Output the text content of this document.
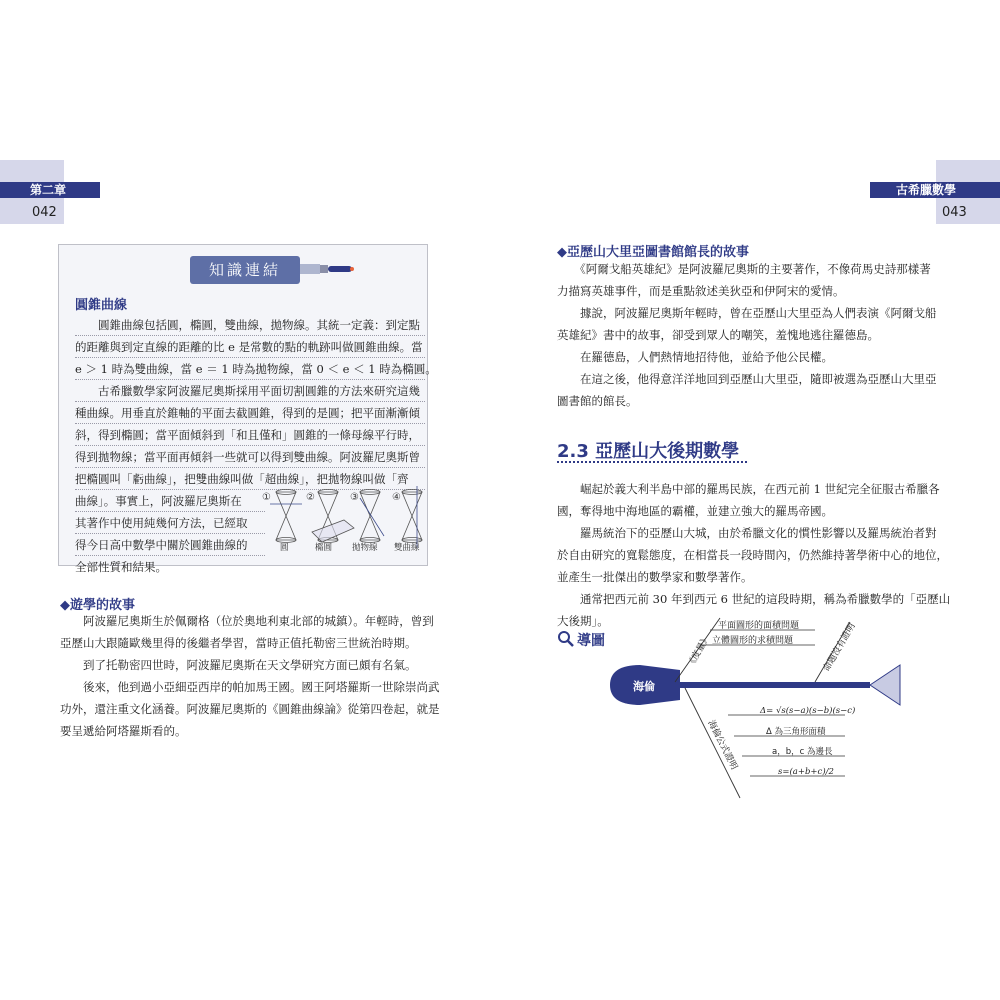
第二章
042
古希臘數學
043
知識連結
圓錐曲線
　　圓錐曲線包括圓，橢圓，雙曲線，拋物線。其統一定義：到定點
的距離與到定直線的距離的比 e 是常數的點的軌跡叫做圓錐曲線。當
e ＞ 1 時為雙曲線，當 e ＝ 1 時為拋物線，當 0 ＜ e ＜ 1 時為橢圓。
　　古希臘數學家阿波羅尼奧斯採用平面切割圓錐的方法來研究這幾
種曲線。用垂直於錐軸的平面去截圓錐，得到的是圓；把平面漸漸傾
斜，得到橢圓；當平面傾斜到「和且僅和」圓錐的一條母線平行時，
得到拋物線；當平面再傾斜一些就可以得到雙曲線。阿波羅尼奧斯曾
把橢圓叫「虧曲線」，把雙曲線叫做「超曲線」，把拋物線叫做「齊
曲線」。事實上，阿波羅尼奧斯在
其著作中使用純幾何方法，已經取
得今日高中數學中關於圓錐曲線的
全部性質和結果。
①	②	③	④
圓	橢圓 拋物線 雙曲線
◆遊學的故事
　　阿波羅尼奧斯生於佩爾格（位於奧地利東北部的城鎮）。年輕時，曾到
亞歷山大跟隨歐幾里得的後繼者學習，當時正值托勒密三世統治時期。
　　到了托勒密四世時，阿波羅尼奧斯在天文學研究方面已頗有名氣。
　　後來，他到過小亞細亞西岸的帕加馬王國。國王阿塔羅斯一世除崇尚武
功外，還注重文化涵養。阿波羅尼奧斯的《圓錐曲線論》從第四卷起，就是
要呈遞給阿塔羅斯看的。
◆亞歷山大里亞圖書館館長的故事
　　《阿爾戈船英雄紀》是阿波羅尼奧斯的主要著作，不像荷馬史詩那樣著
力描寫英雄事件，而是重點敘述美狄亞和伊阿宋的愛情。
　　據說，阿波羅尼奧斯年輕時，曾在亞歷山大里亞為人們表演《阿爾戈船
英雄紀》書中的故事，卻受到眾人的嘲笑，羞愧地逃往羅德島。
　　在羅德島，人們熱情地招待他，並給予他公民權。
　　在這之後，他得意洋洋地回到亞歷山大里亞，隨即被選為亞歷山大里亞
圖書館的館長。
2.3 亞歷山大後期數學
　　崛起於義大利半島中部的羅馬民族，在西元前 1 世紀完全征服古希臘各
國，奪得地中海地區的霸權，並建立強大的羅馬帝國。
　　羅馬統治下的亞歷山大城，由於希臘文化的慣性影響以及羅馬統治者對
於自由研究的寬鬆態度，在相當長一段時間內，仍然維持著學術中心的地位，
並產生一批傑出的數學家和數學著作。
　　通常把西元前 30 年到西元 6 世紀的這段時期，稱為希臘數學的「亞歷山
大後期」。
導圖
海倫
平面圖形的面積問題
立體圖形的求積問題
《度量》	命題沒有證明
海倫公式證明
Δ= √s(s−a)(s−b)(s−c)
Δ 為三角形面積
a，b，c 為邊長
s=(a+b+c)/2
